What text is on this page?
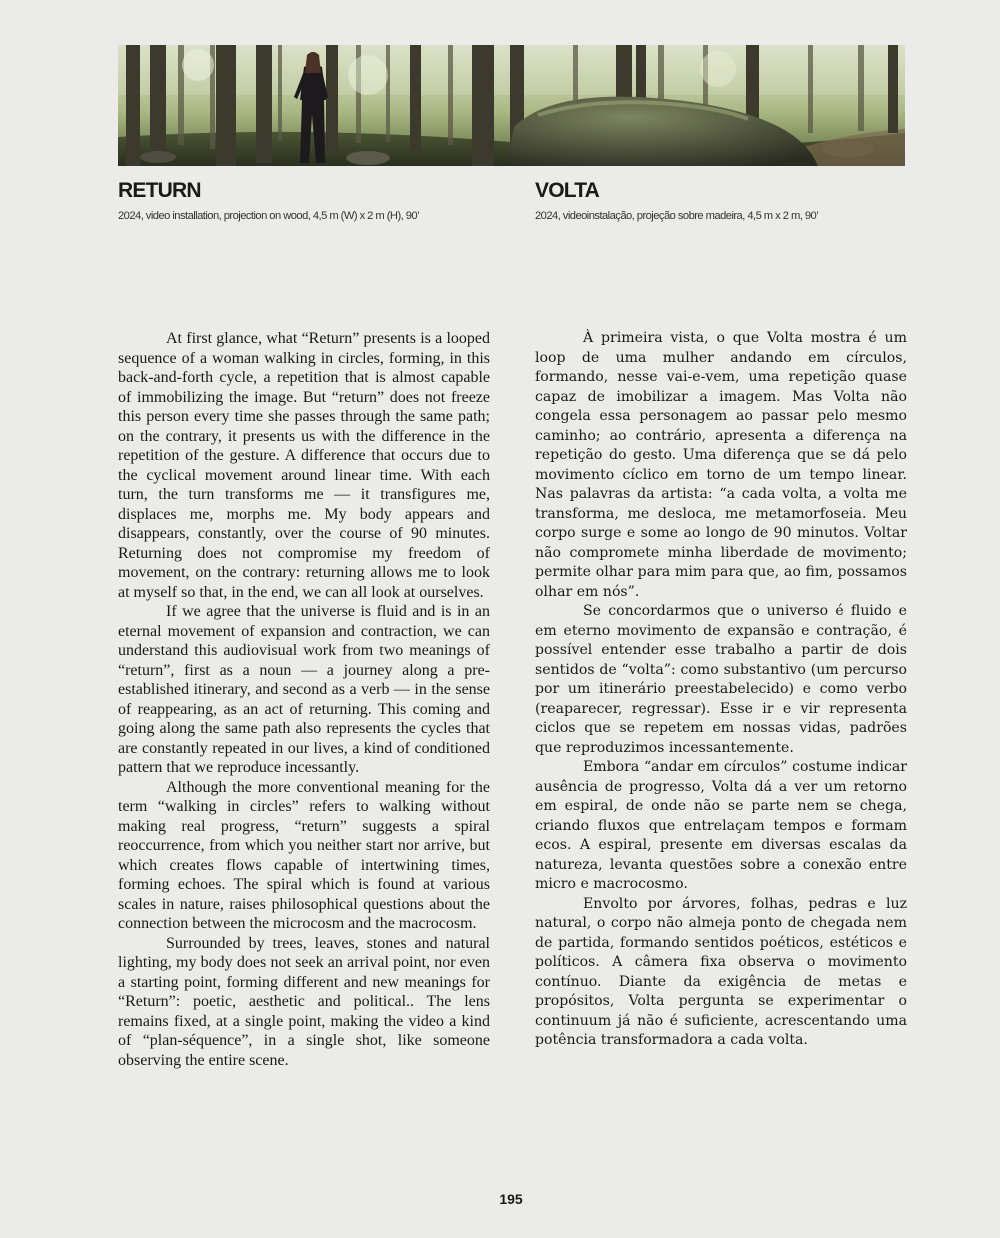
RETURN
2024, video installation, projection on wood, 4,5 m (W) x 2 m (H), 90’
VOLTA
2024, videoinstalação, projeção sobre madeira, 4,5 m x 2 m, 90’

At first glance, what “Return” presents is a looped sequence of a woman walking in circles, forming, in this back-and-forth cycle, a repetition that is almost capable of immobilizing the image. But “return” does not freeze this person every time she passes through the same path; on the contrary, it presents us with the difference in the repetition of the gesture. A difference that occurs due to the cyclical movement around linear time. With each turn, the turn transforms me — it transfigures me, displaces me, morphs me. My body appears and disappears, constantly, over the course of 90 minutes. Returning does not compromise my freedom of movement, on the contrary: returning allows me to look at myself so that, in the end, we can all look at ourselves.

If we agree that the universe is fluid and is in an eternal movement of expansion and contraction, we can understand this audiovisual work from two meanings of “return”, first as a noun — a journey along a pre-established itinerary, and second as a verb — in the sense of reappearing, as an act of returning. This coming and going along the same path also represents the cycles that are constantly repeated in our lives, a kind of conditioned pattern that we reproduce incessantly.

Although the more conventional meaning for the term “walking in circles” refers to walking without making real progress, “return” suggests a spiral reoccurrence, from which you neither start nor arrive, but which creates flows capable of intertwining times, forming echoes. The spiral which is found at various scales in nature, raises philosophical questions about the connection between the microcosm and the macrocosm.

Surrounded by trees, leaves, stones and natural lighting, my body does not seek an arrival point, nor even a starting point, forming different and new meanings for “Return”: poetic, aesthetic and political.. The lens remains fixed, at a single point, making the video a kind of “plan-séquence”, in a single shot, like someone observing the entire scene.

À primeira vista, o que Volta mostra é um loop de uma mulher andando em círculos, formando, nesse vai-e-vem, uma repetição quase capaz de imobilizar a imagem. Mas Volta não congela essa personagem ao passar pelo mesmo caminho; ao contrário, apresenta a diferença na repetição do gesto. Uma diferença que se dá pelo movimento cíclico em torno de um tempo linear. Nas palavras da artista: “a cada volta, a volta me transforma, me desloca, me metamorfoseia. Meu corpo surge e some ao longo de 90 minutos. Voltar não compromete minha liberdade de movimento; permite olhar para mim para que, ao fim, possamos olhar em nós”.

Se concordarmos que o universo é fluido e em eterno movimento de expansão e contração, é possível entender esse trabalho a partir de dois sentidos de “volta”: como substantivo (um percurso por um itinerário preestabelecido) e como verbo (reaparecer, regressar). Esse ir e vir representa ciclos que se repetem em nossas vidas, padrões que reproduzimos incessantemente.

Embora “andar em círculos” costume indicar ausência de progresso, Volta dá a ver um retorno em espiral, de onde não se parte nem se chega, criando fluxos que entrelaçam tempos e formam ecos. A espiral, presente em diversas escalas da natureza, levanta questões sobre a conexão entre micro e macrocosmo.

Envolto por árvores, folhas, pedras e luz natural, o corpo não almeja ponto de chegada nem de partida, formando sentidos poéticos, estéticos e políticos. A câmera fixa observa o movimento contínuo. Diante da exigência de metas e propósitos, Volta pergunta se experimentar o continuum já não é suficiente, acrescentando uma potência transformadora a cada volta.

195
